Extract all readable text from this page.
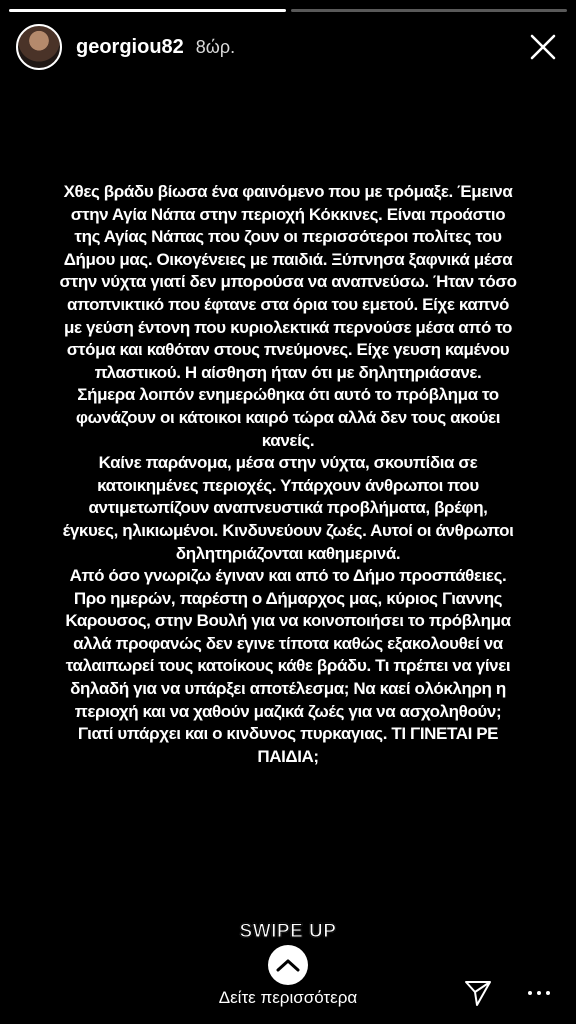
georgiou82 8ώρ.
Χθες βράδυ βίωσα ένα φαινόμενο που με τρόμαξε. Έμεινα
στην Αγία Νάπα στην περιοχή Κόκκινες. Είναι προάστιο
της Αγίας Νάπας που ζουν οι περισσότεροι πολίτες του
Δήμου μας. Οικογένειες με παιδιά. Ξύπνησα ξαφνικά μέσα
στην νύχτα γιατί δεν μπορούσα να αναπνεύσω. Ήταν τόσο
αποπνικτικό που έφτανε στα όρια του εμετού. Είχε καπνό
με γεύση έντονη που κυριολεκτικά περνούσε μέσα από το
στόμα και καθόταν στους πνεύμονες. Είχε γευση καμένου
πλαστικού. Η αίσθηση ήταν ότι με δηλητηριάσανε.
Σήμερα λοιπόν ενημερώθηκα ότι αυτό το πρόβλημα το
φωνάζουν οι κάτοικοι καιρό τώρα αλλά δεν τους ακούει
κανείς.
Καίνε παράνομα, μέσα στην νύχτα, σκουπίδια σε
κατοικημένες περιοχές. Υπάρχουν άνθρωποι που
αντιμετωπίζουν αναπνευστικά προβλήματα, βρέφη,
έγκυες, ηλικιωμένοι. Κινδυνεύουν ζωές. Αυτοί οι άνθρωποι
δηλητηριάζονται καθημερινά.
Από όσο γνωριζω έγιναν και από το Δήμο προσπάθειες.
Προ ημερών, παρέστη ο Δήμαρχος μας, κύριος Γιαννης
Καρουσος, στην Βουλή για να κοινοποιήσει το πρόβλημα
αλλά προφανώς δεν εγινε τίποτα καθώς εξακολουθεί να
ταλαιπωρεί τους κατοίκους κάθε βράδυ. Τι πρέπει να γίνει
δηλαδή για να υπάρξει αποτέλεσμα; Να καεί ολόκληρη η
περιοχή και να χαθούν μαζικά ζωές για να ασχοληθούν;
Γιατί υπάρχει και ο κινδυνος πυρκαγιας. ΤΙ ΓΙΝΕΤΑΙ ΡΕ
ΠΑΙΔΙΑ;
SWIPE UP
Δείτε περισσότερα
